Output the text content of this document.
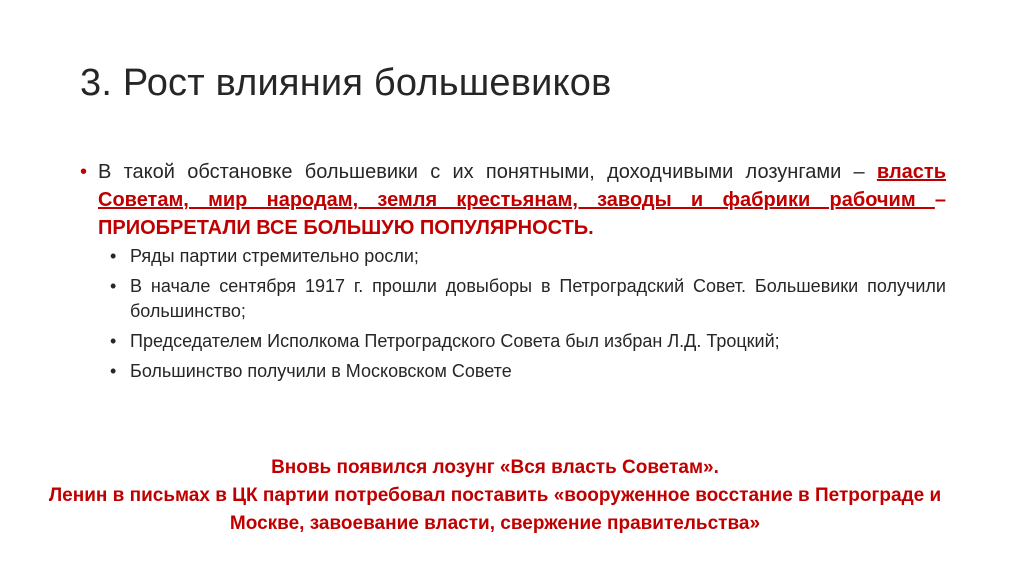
3. Рост влияния большевиков
• В такой обстановке большевики с их понятными, доходчивыми лозунгами – власть Советам, мир народам, земля крестьянам, заводы и фабрики рабочим – ПРИОБРЕТАЛИ ВСЕ БОЛЬШУЮ ПОПУЛЯРНОСТЬ.
• Ряды партии стремительно росли;
• В начале сентября 1917 г. прошли довыборы в Петроградский Совет. Большевики получили большинство;
• Председателем Исполкома Петроградского Совета был избран Л.Д. Троцкий;
• Большинство получили в Московском Совете
Вновь появился лозунг «Вся власть Советам».
Ленин в письмах в ЦК партии потребовал поставить «вооруженное восстание в Петрограде и Москве, завоевание власти, свержение правительства»
